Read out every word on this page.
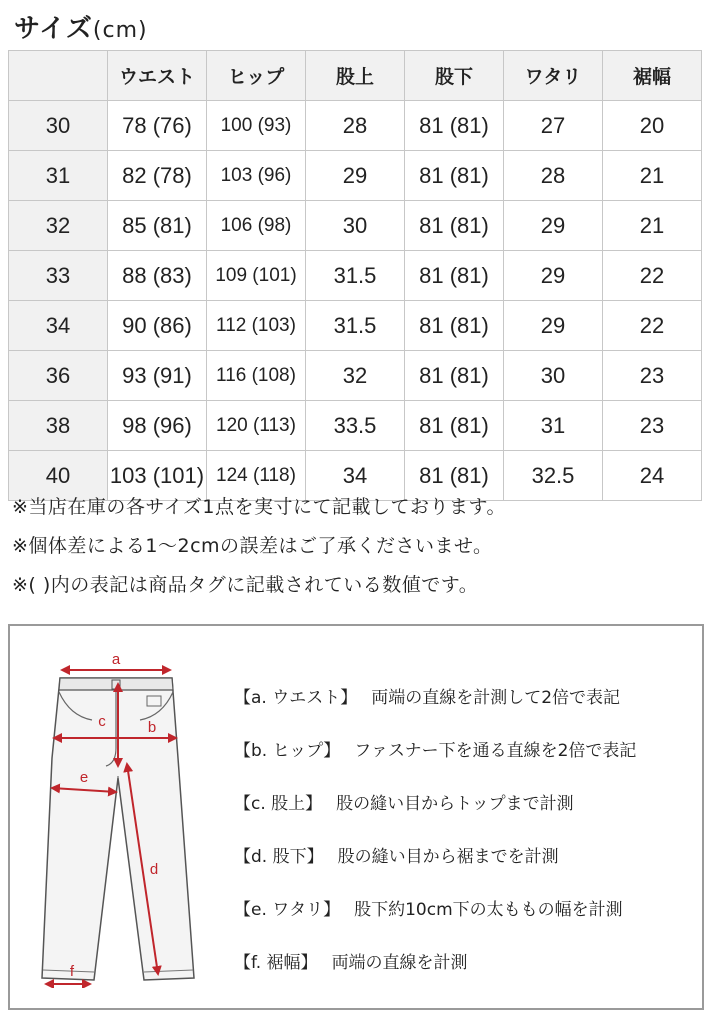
サイズ(cm)
	ウエスト	ヒップ	股上	股下	ワタリ	裾幅
30	78 (76)	100 (93)	28	81 (81)	27	20
31	82 (78)	103 (96)	29	81 (81)	28	21
32	85 (81)	106 (98)	30	81 (81)	29	21
33	88 (83)	109 (101)	31.5	81 (81)	29	22
34	90 (86)	112 (103)	31.5	81 (81)	29	22
36	93 (91)	116 (108)	32	81 (81)	30	23
38	98 (96)	120 (113)	33.5	81 (81)	31	23
40	103 (101)	124 (118)	34	81 (81)	32.5	24
※当店在庫の各サイズ1点を実寸にて記載しております。
※個体差による1〜2cmの誤差はご了承くださいませ。
※( )内の表記は商品タグに記載されている数値です。
a
b
c
d
e
f
【a. ウエスト】 両端の直線を計測して2倍で表記
【b. ヒップ】 ファスナー下を通る直線を2倍で表記
【c. 股上】 股の縫い目からトップまで計測
【d. 股下】 股の縫い目から裾までを計測
【e. ワタリ】 股下約10cm下の太ももの幅を計測
【f. 裾幅】 両端の直線を計測
